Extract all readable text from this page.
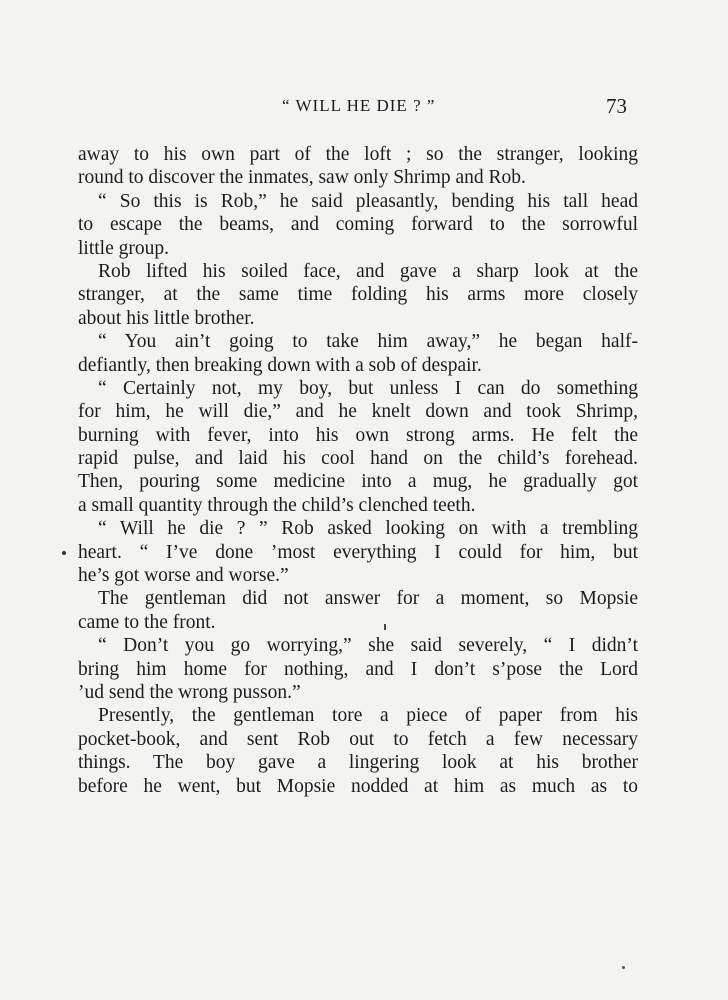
“ WILL HE DIE ? ”	73
away to his own part of the loft ; so the stranger, looking
round to discover the inmates, saw only Shrimp and Rob.
“ So this is Rob,” he said pleasantly, bending his tall head
to escape the beams, and coming forward to the sorrowful
little group.
Rob lifted his soiled face, and gave a sharp look at the
stranger, at the same time folding his arms more closely
about his little brother.
“ You ain’t going to take him away,” he began half-
defiantly, then breaking down with a sob of despair.
“ Certainly not, my boy, but unless I can do something
for him, he will die,” and he knelt down and took Shrimp,
burning with fever, into his own strong arms. He felt the
rapid pulse, and laid his cool hand on the child’s forehead.
Then, pouring some medicine into a mug, he gradually got
a small quantity through the child’s clenched teeth.
“ Will he die ? ” Rob asked looking on with a trembling
heart. “ I’ve done ’most everything I could for him, but
he’s got worse and worse.”
The gentleman did not answer for a moment, so Mopsie
came to the front.
“ Don’t you go worrying,” she said severely, “ I didn’t
bring him home for nothing, and I don’t s’pose the Lord
’ud send the wrong pusson.”
Presently, the gentleman tore a piece of paper from his
pocket-book, and sent Rob out to fetch a few necessary
things. The boy gave a lingering look at his brother
before he went, but Mopsie nodded at him as much as to
